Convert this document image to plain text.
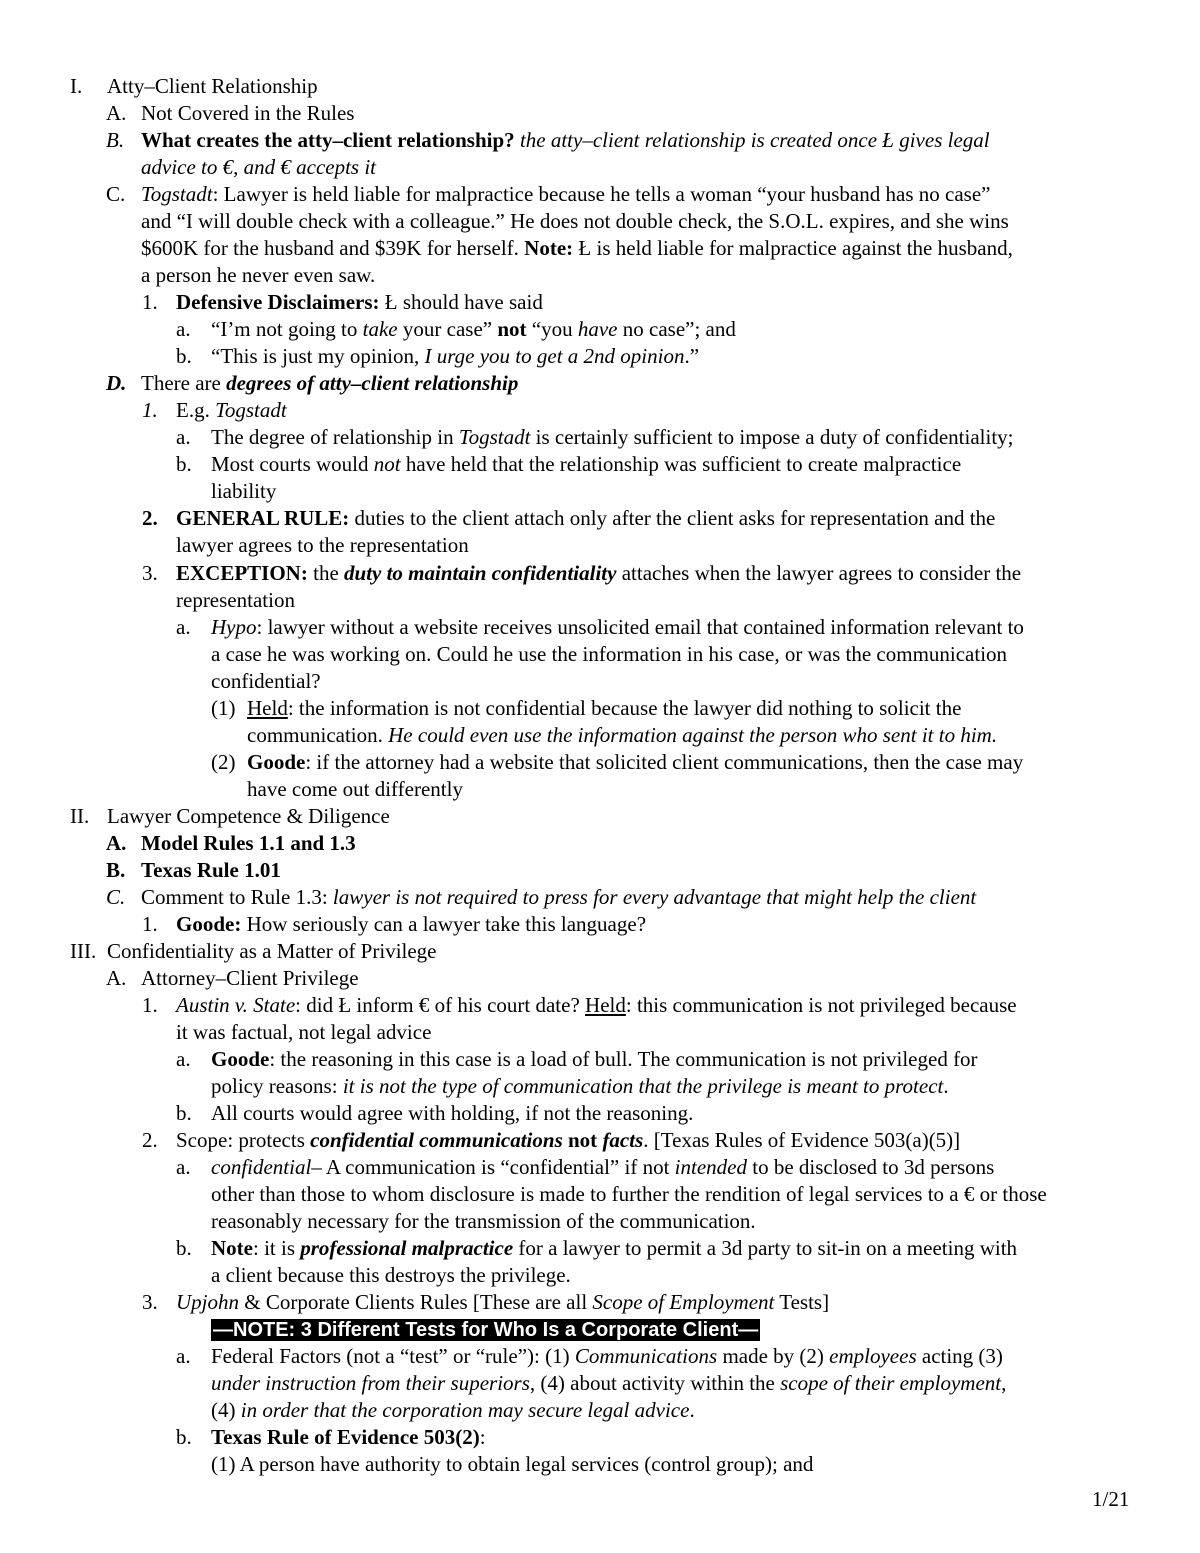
I. Atty–Client Relationship
A. Not Covered in the Rules
B. What creates the atty–client relationship? the atty–client relationship is created once Ł gives legal
advice to €, and € accepts it
C. Togstadt: Lawyer is held liable for malpractice because he tells a woman “your husband has no case”
and “I will double check with a colleague.” He does not double check, the S.O.L. expires, and she wins
$600K for the husband and $39K for herself. Note: Ł is held liable for malpractice against the husband,
a person he never even saw.
1. Defensive Disclaimers: Ł should have said
a. “I’m not going to take your case” not “you have no case”; and
b. “This is just my opinion, I urge you to get a 2nd opinion.”
D. There are degrees of atty–client relationship
1. E.g. Togstadt
a. The degree of relationship in Togstadt is certainly sufficient to impose a duty of confidentiality;
b. Most courts would not have held that the relationship was sufficient to create malpractice
liability
2. GENERAL RULE: duties to the client attach only after the client asks for representation and the
lawyer agrees to the representation
3. EXCEPTION: the duty to maintain confidentiality attaches when the lawyer agrees to consider the
representation
a. Hypo: lawyer without a website receives unsolicited email that contained information relevant to
a case he was working on. Could he use the information in his case, or was the communication
confidential?
(1) Held: the information is not confidential because the lawyer did nothing to solicit the
communication. He could even use the information against the person who sent it to him.
(2) Goode: if the attorney had a website that solicited client communications, then the case may
have come out differently
II. Lawyer Competence & Diligence
A. Model Rules 1.1 and 1.3
B. Texas Rule 1.01
C. Comment to Rule 1.3: lawyer is not required to press for every advantage that might help the client
1. Goode: How seriously can a lawyer take this language?
III. Confidentiality as a Matter of Privilege
A. Attorney–Client Privilege
1. Austin v. State: did Ł inform € of his court date? Held: this communication is not privileged because
it was factual, not legal advice
a. Goode: the reasoning in this case is a load of bull. The communication is not privileged for
policy reasons: it is not the type of communication that the privilege is meant to protect.
b. All courts would agree with holding, if not the reasoning.
2. Scope: protects confidential communications not facts. [Texas Rules of Evidence 503(a)(5)]
a. confidential– A communication is “confidential” if not intended to be disclosed to 3d persons
other than those to whom disclosure is made to further the rendition of legal services to a € or those
reasonably necessary for the transmission of the communication.
b. Note: it is professional malpractice for a lawyer to permit a 3d party to sit-in on a meeting with
a client because this destroys the privilege.
3. Upjohn & Corporate Clients Rules [These are all Scope of Employment Tests]
—NOTE: 3 Different Tests for Who Is a Corporate Client—
a. Federal Factors (not a “test” or “rule”): (1) Communications made by (2) employees acting (3)
under instruction from their superiors, (4) about activity within the scope of their employment,
(4) in order that the corporation may secure legal advice.
b. Texas Rule of Evidence 503(2):
(1) A person have authority to obtain legal services (control group); and
1/21
